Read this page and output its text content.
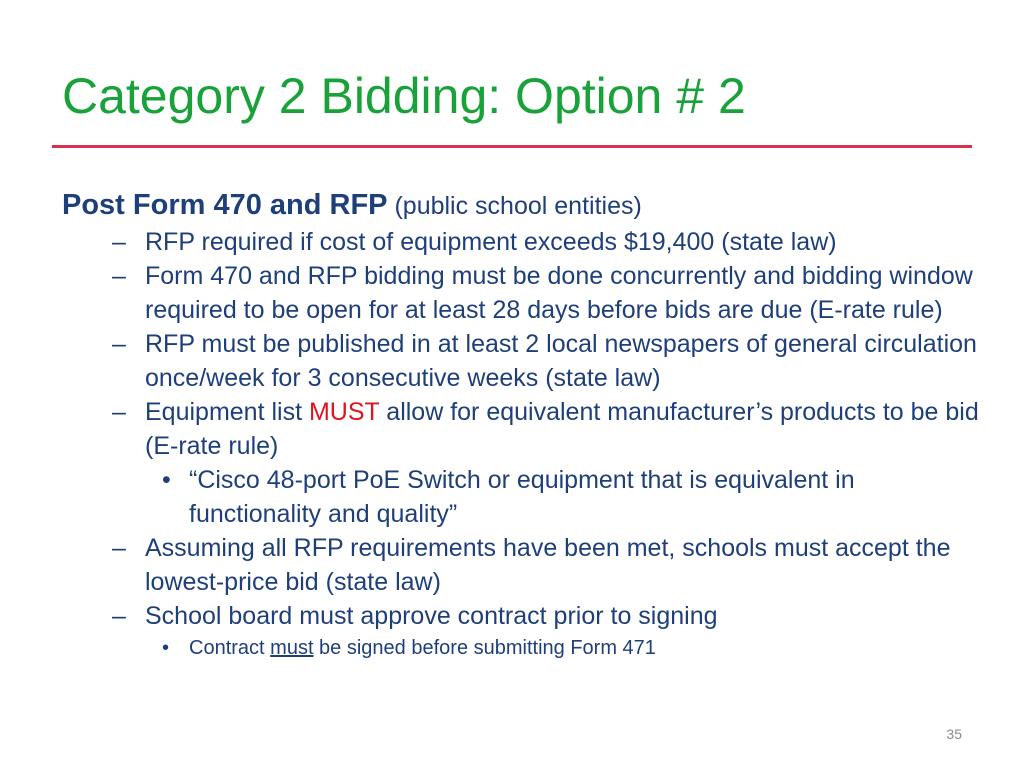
Category 2 Bidding: Option # 2
Post Form 470 and RFP (public school entities)
– RFP required if cost of equipment exceeds $19,400 (state law)
– Form 470 and RFP bidding must be done concurrently and bidding window required to be open for at least 28 days before bids are due (E-rate rule)
– RFP must be published in at least 2 local newspapers of general circulation once/week for 3 consecutive weeks (state law)
– Equipment list MUST allow for equivalent manufacturer’s products to be bid (E-rate rule)
• “Cisco 48-port PoE Switch or equipment that is equivalent in functionality and quality”
– Assuming all RFP requirements have been met, schools must accept the lowest-price bid (state law)
– School board must approve contract prior to signing
• Contract must be signed before submitting Form 471
35
